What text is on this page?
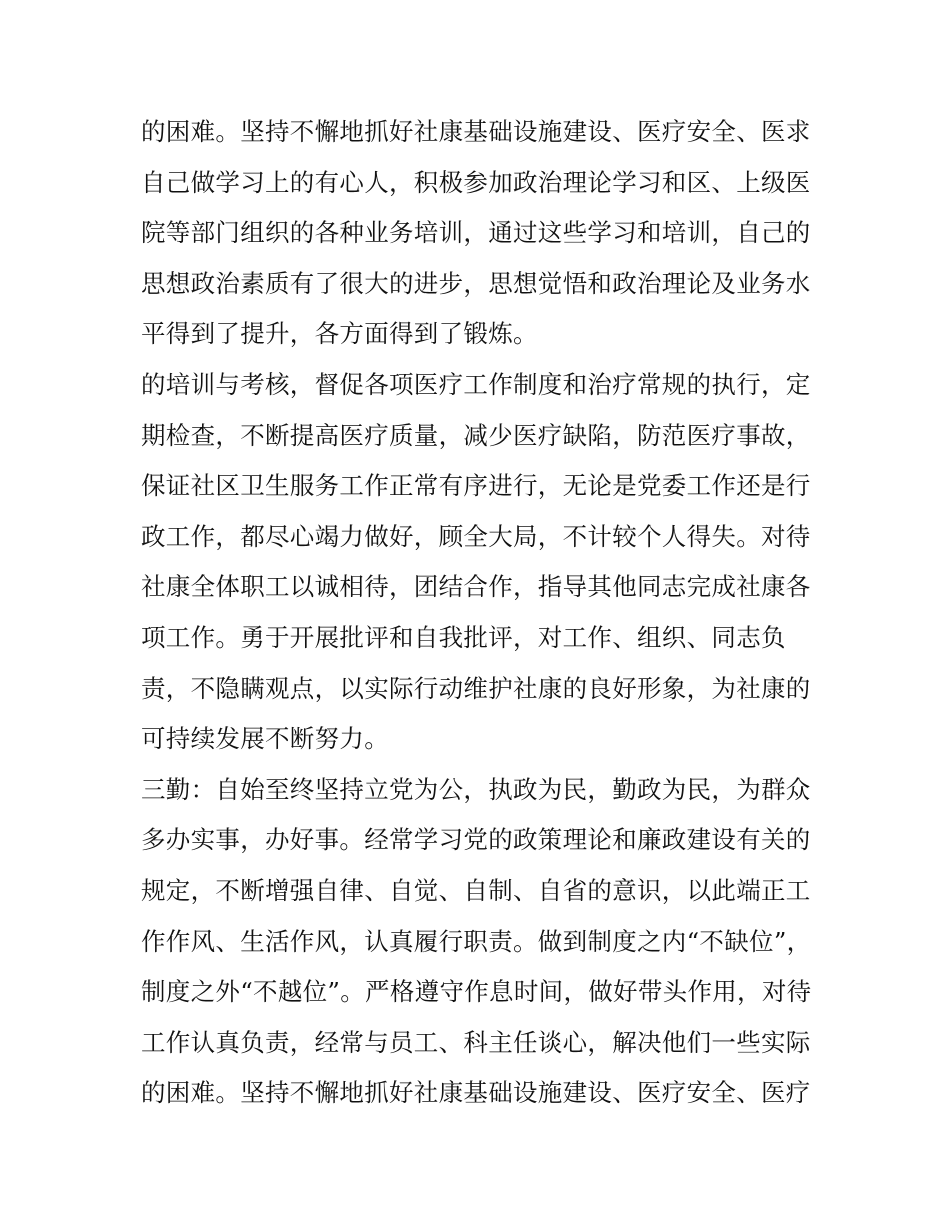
的困难。坚持不懈地抓好社康基础设施建设、医疗安全、医求
自己做学习上的有心人，积极参加政治理论学习和区、上级医
院等部门组织的各种业务培训，通过这些学习和培训，自己的
思想政治素质有了很大的进步，思想觉悟和政治理论及业务水
平得到了提升，各方面得到了锻炼。
的培训与考核，督促各项医疗工作制度和治疗常规的执行，定
期检查，不断提高医疗质量，减少医疗缺陷，防范医疗事故，
保证社区卫生服务工作正常有序进行，无论是党委工作还是行
政工作，都尽心竭力做好，顾全大局，不计较个人得失。对待
社康全体职工以诚相待，团结合作，指导其他同志完成社康各
项工作。勇于开展批评和自我批评，对工作、组织、同志负
责，不隐瞒观点，以实际行动维护社康的良好形象，为社康的
可持续发展不断努力。
三勤：自始至终坚持立党为公，执政为民，勤政为民，为群众
多办实事，办好事。经常学习党的政策理论和廉政建设有关的
规定，不断增强自律、自觉、自制、自省的意识，以此端正工
作作风、生活作风，认真履行职责。做到制度之内“不缺位”，
制度之外“不越位”。严格遵守作息时间，做好带头作用，对待
工作认真负责，经常与员工、科主任谈心，解决他们一些实际
的困难。坚持不懈地抓好社康基础设施建设、医疗安全、医疗
